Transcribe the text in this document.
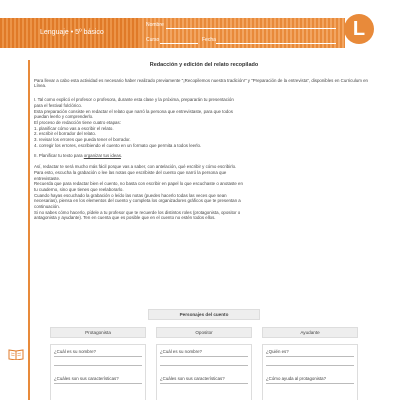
Lenguaje • 5º básico
Nombre
Curso	Fecha	L
Redacción y edición del relato recopilado
Para llevar a cabo esta actividad es necesario haber realizado previamente "¡Recopilemos nuestra tradición!" y "Preparación de la entrevista", disponibles en Curriculum en Línea.
I. Tal como explicó el profesor o profesora, durante esta clase y la próxima, prepararán tu presentación
para el festival folclórico.
Esta preparación consiste en redactar el relato que narró la persona que entrevistaste, para que todos
puedan leerlo y comprenderlo.
El proceso de redacción tiene cuatro etapas:
1. planificar cómo vas a escribir el relato.
2. escribir el borrador del relato.
3. revisar los errores que pueda tener el borrador.
4. corregir los errores, escribiendo el cuento en un formato que permita a todos leerlo.
II. Planificar tu texto para organizar tus ideas.
Así, redactar te será mucho más fácil porque vas a saber, con antelación, qué escribir y cómo escribirlo.
Para esto, escucha la grabación o lee las notas que escribiste del cuento que narró la persona que
entrevistaste.
Recuerda que para redactar bien el cuento, no basta con escribir en papel lo que escuchaste o anotaste en
tu cuaderno, sino que tienes que reelaborarlo.
Cuando hayas escuchado la grabación o leído las notas (puedes hacerlo todas las veces que sean
necesarias), piensa en los elementos del cuento y completa los organizadores gráficos que te presentan a
continuación.
Si no sabes cómo hacerlo, pídele a tu profesor que te recuerde los distintos roles (protagonista, opositor o
antagonista y ayudante). Ten en cuenta que es posible que en el cuento no estén todos ellos.
Personajes del cuento
Protagonista
¿Cuál es su nombre?
¿Cuáles son sus características?
Opositor
¿Cuál es su nombre?
¿Cuáles son sus características?
Ayudante
¿Quién es?
¿Cómo ayuda al protagonista?
